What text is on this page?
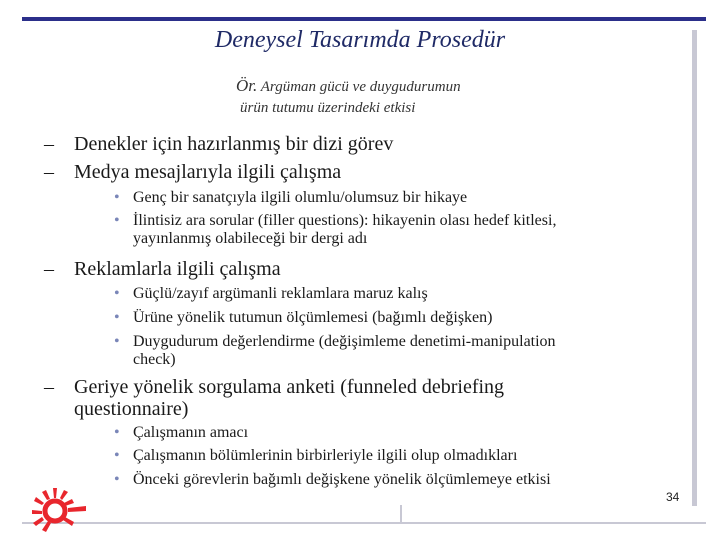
Deneysel Tasarımda Prosedür
Ör. Argüman gücü ve duygudurumun
ürün tutumu üzerindeki etkisi
– Denekler için hazırlanmış bir dizi görev
– Medya mesajlarıyla ilgili çalışma
• Genç bir sanatçıyla ilgili olumlu/olumsuz bir hikaye
• İlintisiz ara sorular (filler questions): hikayenin olası hedef kitlesi,
yayınlanmış olabileceği bir dergi adı
– Reklamlarla ilgili çalışma
• Güçlü/zayıf argümanli reklamlara maruz kalış
• Ürüne yönelik tutumun ölçümlemesi (bağımlı değişken)
• Duygudurum değerlendirme (değişimleme denetimi-manipulation
check)
– Geriye yönelik sorgulama anketi (funneled debriefing
questionnaire)
• Çalışmanın amacı
• Çalışmanın bölümlerinin birbirleriyle ilgili olup olmadıkları
• Önceki görevlerin bağımlı değişkene yönelik ölçümlemeye etkisi
34
